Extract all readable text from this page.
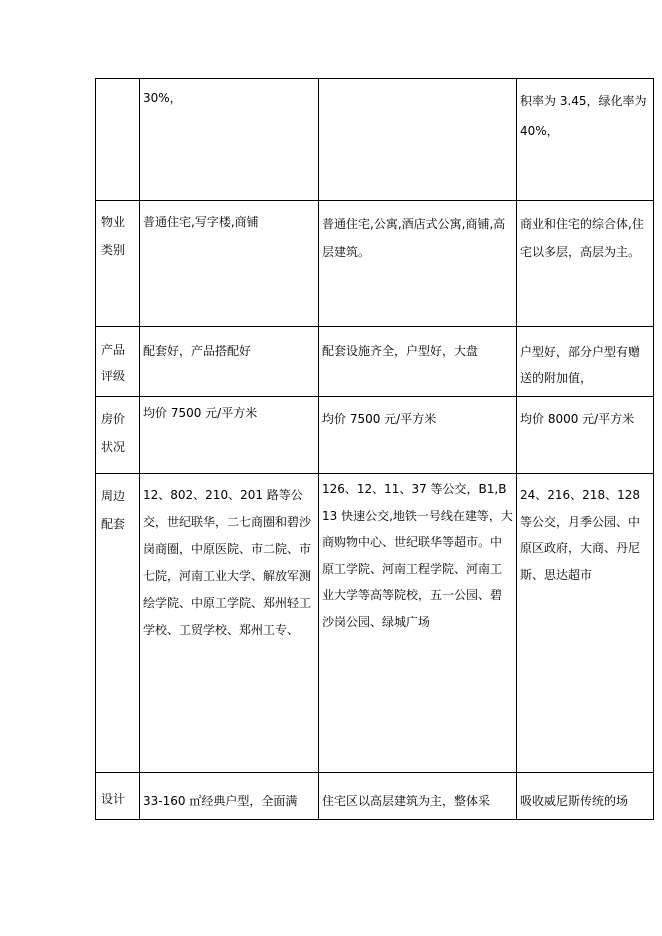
	30%，		积率为 3.45，绿化率为 40%，

物业类别	普通住宅,写字楼,商铺	普通住宅,公寓,酒店式公寓,商铺,高层建筑。	商业和住宅的综合体,住宅以多层，高层为主。

产品评级	配套好，产品搭配好	配套设施齐全，户型好，大盘	户型好，部分户型有赠送的附加值，

房价状况	均价 7500 元/平方米	均价 7500 元/平方米	均价 8000 元/平方米

周边配套	12、802、210、201 路等公交，世纪联华，二七商圈和碧沙岗商圈，中原医院、市二院、市七院，河南工业大学、解放军测绘学院、中原工学院、郑州轻工学校、工贸学校、郑州工专、	126、12、11、37 等公交，B1,B13 快速公交,地铁一号线在建等，大商购物中心、世纪联华等超市。中原工学院、河南工程学院、河南工业大学等高等院校，五一公园、碧沙岗公园、绿城广场	24、216、218、128 等公交，月季公园、中原区政府，大商、丹尼斯、思达超市

设计	33-160 ㎡经典户型，全面满	住宅区以高层建筑为主，整体采	吸收威尼斯传统的场
